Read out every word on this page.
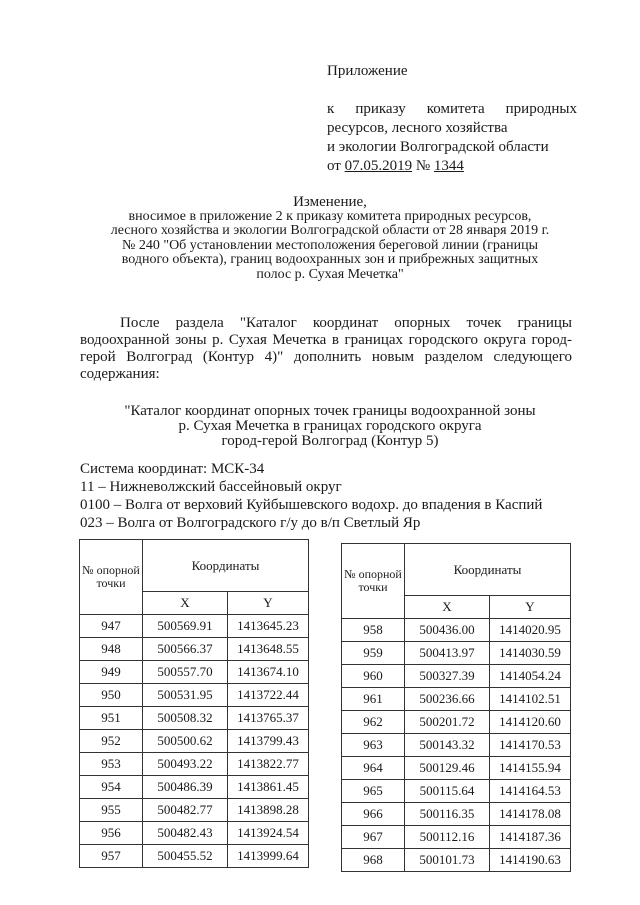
Приложение
к приказу комитета природных
ресурсов, лесного хозяйства
и экологии Волгоградской области
от 07.05.2019 № 1344
Изменение,
вносимое в приложение 2 к приказу комитета природных ресурсов,
лесного хозяйства и экологии Волгоградской области от 28 января 2019 г.
№ 240 "Об установлении местоположения береговой линии (границы
водного объекта), границ водоохранных зон и прибрежных защитных
полос р. Сухая Мечетка"
После раздела "Каталог координат опорных точек границы водоохранной зоны р. Сухая Мечетка в границах городского округа город-герой Волгоград (Контур 4)" дополнить новым разделом следующего содержания:
"Каталог координат опорных точек границы водоохранной зоны
р. Сухая Мечетка в границах городского округа
город-герой Волгоград (Контур 5)
Система координат: МСК-34
11 – Нижневолжский бассейновый округ
0100 – Волга от верховий Куйбышевского водохр. до впадения в Каспий
023 – Волга от Волгоградского г/у до в/п Светлый Яр
№ опорной точки	Координаты	
	X	Y
947	500569.91	1413645.23
948	500566.37	1413648.55
949	500557.70	1413674.10
950	500531.95	1413722.44
951	500508.32	1413765.37
952	500500.62	1413799.43
953	500493.22	1413822.77
954	500486.39	1413861.45
955	500482.77	1413898.28
956	500482.43	1413924.54
957	500455.52	1413999.64
№ опорной точки	Координаты	
	X	Y
958	500436.00	1414020.95
959	500413.97	1414030.59
960	500327.39	1414054.24
961	500236.66	1414102.51
962	500201.72	1414120.60
963	500143.32	1414170.53
964	500129.46	1414155.94
965	500115.64	1414164.53
966	500116.35	1414178.08
967	500112.16	1414187.36
968	500101.73	1414190.63
